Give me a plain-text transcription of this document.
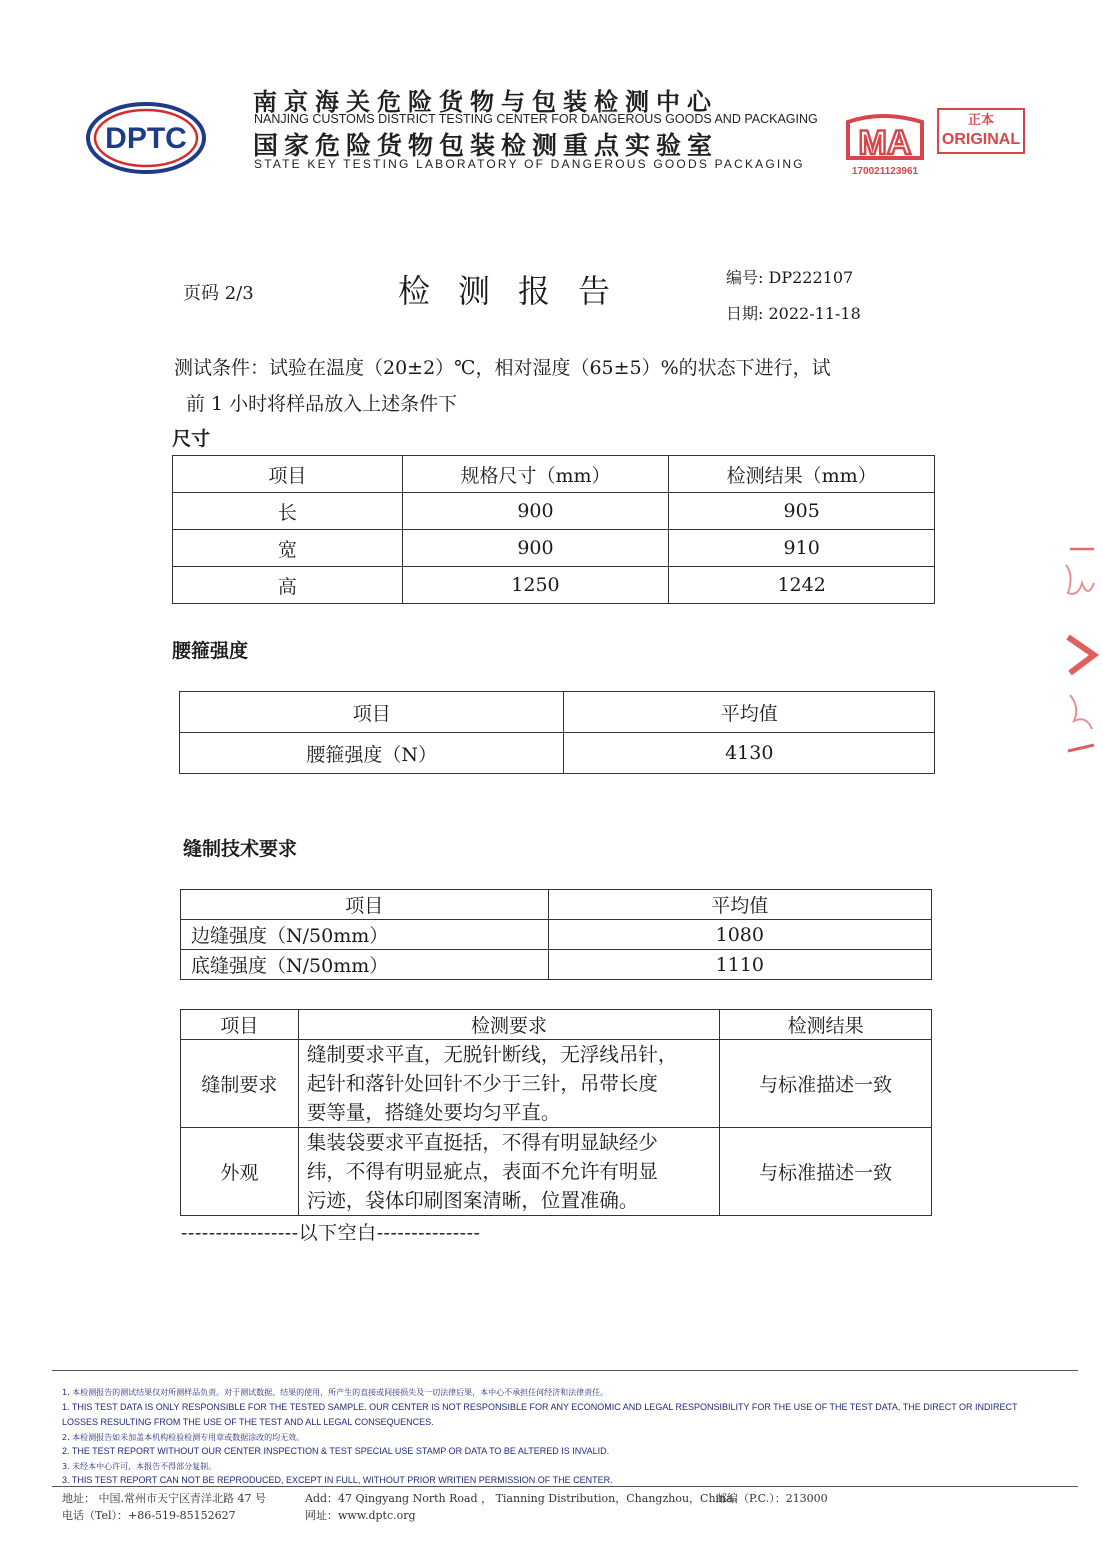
DPTC
南京海关危险货物与包装检测中心
NANJING CUSTOMS DISTRICT TESTING CENTER FOR DANGEROUS GOODS AND PACKAGING
国家危险货物包装检测重点实验室
STATE KEY TESTING LABORATORY OF DANGEROUS GOODS PACKAGING
MA
170021123961
正本
ORIGINAL
页码 2/3	检测报告	编号: DP222107
日期: 2022-11-18
测试条件：试验在温度（20±2）℃，相对湿度（65±5）%的状态下进行，试
前 1 小时将样品放入上述条件下
尺寸
项目	规格尺寸（mm）	检测结果（mm）
长	900	905
宽	900	910
高	1250	1242
腰箍强度
项目	平均值
腰箍强度（N）	4130
缝制技术要求
项目	平均值
边缝强度（N/50mm）	1080
底缝强度（N/50mm）	1110
项目	检测要求	检测结果
缝制要求	缝制要求平直，无脱针断线，无浮线吊针，
起针和落针处回针不少于三针，吊带长度
要等量，搭缝处要均匀平直。	与标准描述一致
外观	集装袋要求平直挺括，不得有明显缺经少
纬，不得有明显疵点，表面不允许有明显
污迹，袋体印刷图案清晰，位置准确。	与标准描述一致
-----------------以下空白---------------
1. 本检测报告的测试结果仅对所测样品负责。对于测试数据、结果的使用，所产生的直接或间接损失及一切法律后果，本中心不承担任何经济和法律责任。
1. THIS TEST DATA IS ONLY RESPONSIBLE FOR THE TESTED SAMPLE. OUR CENTER IS NOT RESPONSIBLE FOR ANY ECONOMIC AND LEGAL RESPONSIBILITY FOR THE USE OF THE TEST DATA, THE DIRECT OR INDIRECT
LOSSES RESULTING FROM THE USE OF THE TEST AND ALL LEGAL CONSEQUENCES.
2. 本检测报告如未加盖本机构检验检测专用章或数据涂改的均无效。
2. THE TEST REPORT WITHOUT OUR CENTER INSPECTION & TEST SPECIAL USE STAMP OR DATA TO BE ALTERED IS INVALID.
3. 未经本中心许可，本报告不得部分复制。
3. THIS TEST REPORT CAN NOT BE REPRODUCED, EXCEPT IN FULL, WITHOUT PRIOR WRITIEN PERMISSION OF THE CENTER.
地址： 中国.常州市天宁区青洋北路 47 号	Add：47 Qingyang North Road ， Tianning Distribution，Changzhou，China
邮编（P.C.）：213000
电话（Tel）：+86-519-85152627	网址：www.dptc.org
